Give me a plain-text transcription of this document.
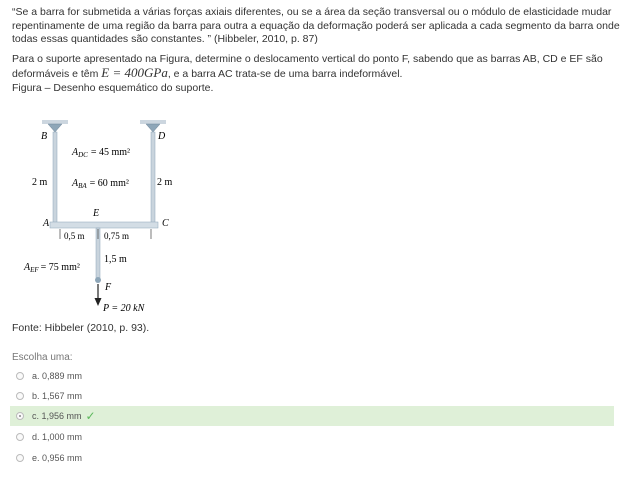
“Se a barra for submetida a várias forças axiais diferentes, ou se a área da seção transversal ou o módulo de elasticidade mudar repentinamente de uma região da barra para outra a equação da deformação poderá ser aplicada a cada segmento da barra onde todas essas quantidades são constantes. ” (Hibbeler, 2010, p. 87)

Para o suporte apresentado na Figura, determine o deslocamento vertical do ponto F, sabendo que as barras AB, CD e EF são deformáveis e têm E = 400GPa, e a barra AC trata-se de uma barra indeformável.

Figura – Desenho esquemático do suporte.

B	D
A	C
E
F
$A_{DC} = 45$ mm²
$A_{BA} = 60$ mm²
2 m	2 m
0,5 m 0,75 m
1,5 m
$A_{EF} = 75$ mm²
P = 20 kN
Fonte: Hibbeler (2010, p. 93).
Escolha uma:
a. 0,889 mm
b. 1,567 mm
c. 1,956 mm ✓
d. 1,000 mm
e. 0,956 mm
